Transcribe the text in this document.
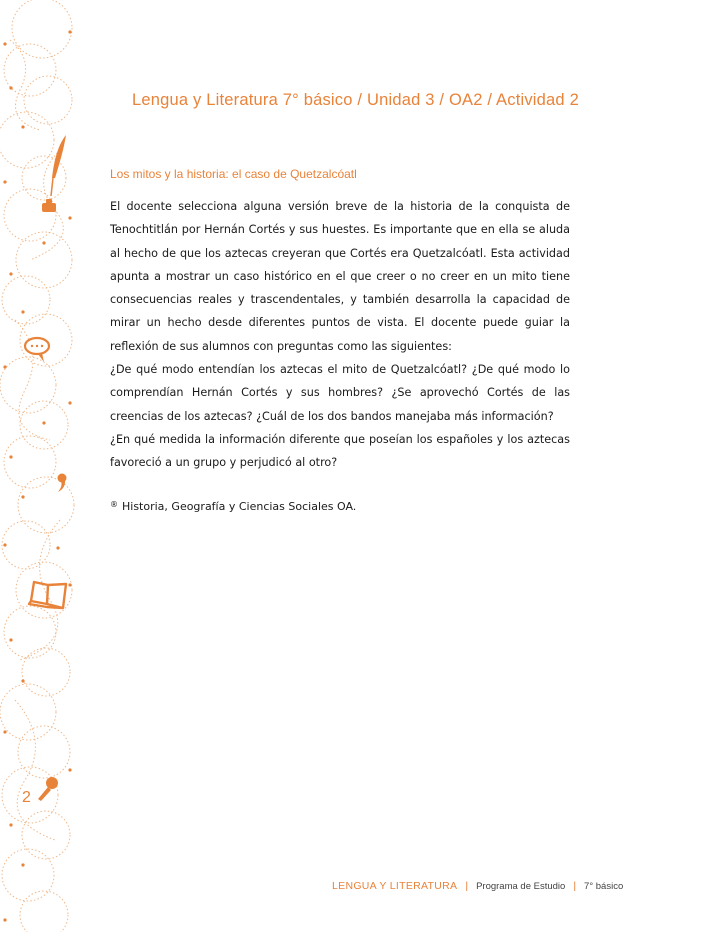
2
Lengua y Literatura 7° básico / Unidad 3 / OA2 / Actividad 2
Los mitos y la historia: el caso de Quetzalcóatl

El docente selecciona alguna versión breve de la historia de la conquista de Tenochtitlán por Hernán Cortés y sus huestes. Es importante que en ella se aluda al hecho de que los aztecas creyeran que Cortés era Quetzalcóatl. Esta actividad apunta a mostrar un caso histórico en el que creer o no creer en un mito tiene consecuencias reales y trascendentales, y también desarrolla la capacidad de mirar un hecho desde diferentes puntos de vista. El docente puede guiar la reflexión de sus alumnos con preguntas como las siguientes:

¿De qué modo entendían los aztecas el mito de Quetzalcóatl? ¿De qué modo lo comprendían Hernán Cortés y sus hombres? ¿Se aprovechó Cortés de las creencias de los aztecas? ¿Cuál de los dos bandos manejaba más información?

¿En qué medida la información diferente que poseían los españoles y los aztecas favoreció a un grupo y perjudicó al otro?

® Historia, Geografía y Ciencias Sociales OA.
LENGUA Y LITERATURA | Programa de Estudio | 7° básico
